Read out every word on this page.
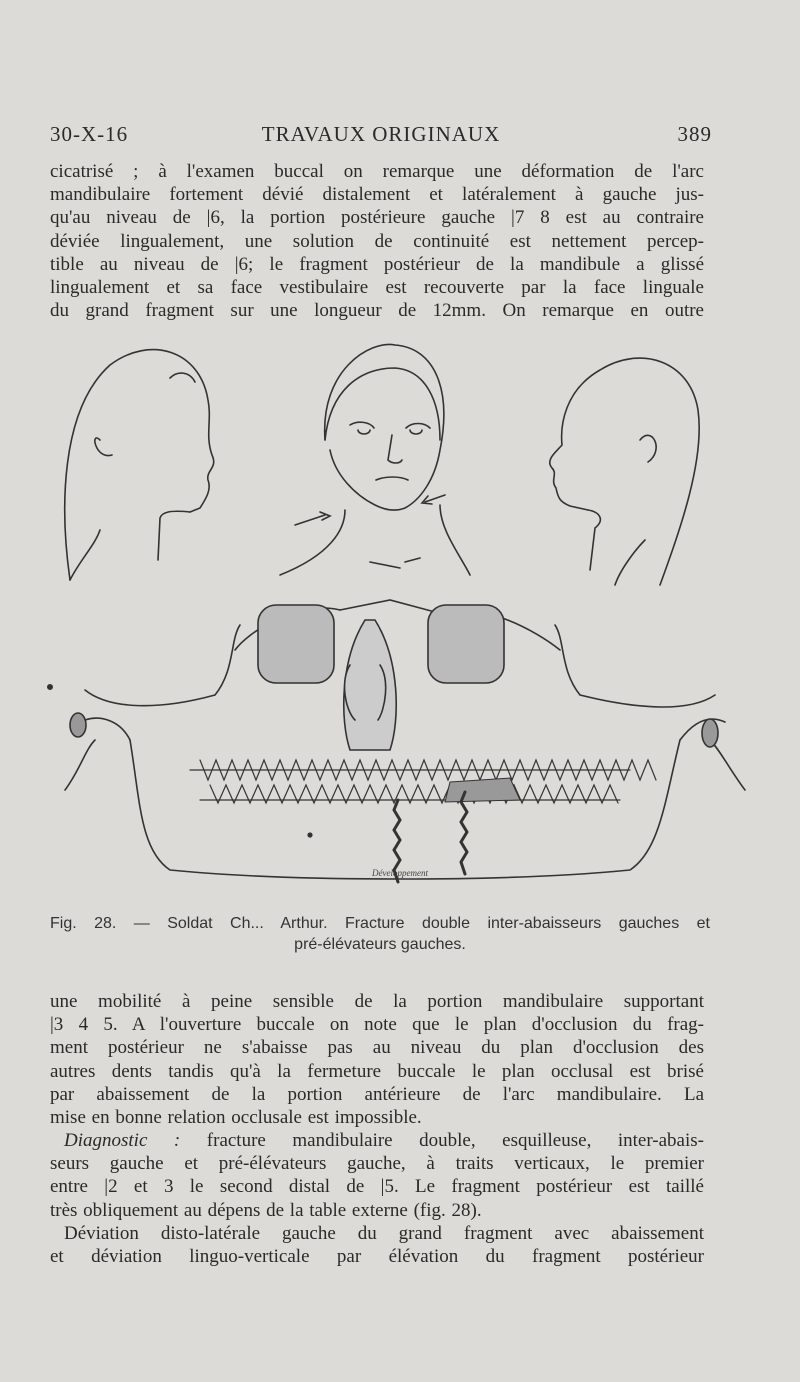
30-X-16	TRAVAUX ORIGINAUX	389
cicatrisé ; à l'examen buccal on remarque une déformation de l'arc
mandibulaire fortement dévié distalement et latéralement à gauche jus-
qu'au niveau de |6, la portion postérieure gauche |7 8 est au contraire
déviée lingualement, une solution de continuité est nettement percep-
tible au niveau de |6; le fragment postérieur de la mandibule a glissé
lingualement et sa face vestibulaire est recouverte par la face linguale
du grand fragment sur une longueur de 12mm. On remarque en outre
Développement
Fig. 28. — Soldat Ch... Arthur. Fracture double inter-abaisseurs gauches et
pré-élévateurs gauches.
une mobilité à peine sensible de la portion mandibulaire supportant
|3 4 5. A l'ouverture buccale on note que le plan d'occlusion du frag-
ment postérieur ne s'abaisse pas au niveau du plan d'occlusion des
autres dents tandis qu'à la fermeture buccale le plan occlusal est brisé
par abaissement de la portion antérieure de l'arc mandibulaire. La
mise en bonne relation occlusale est impossible.
Diagnostic : fracture mandibulaire double, esquilleuse, inter-abais-
seurs gauche et pré-élévateurs gauche, à traits verticaux, le premier
entre |2 et 3 le second distal de |5. Le fragment postérieur est taillé
très obliquement au dépens de la table externe (fig. 28).
Déviation disto-latérale gauche du grand fragment avec abaissement
et déviation linguo-verticale par élévation du fragment postérieur
